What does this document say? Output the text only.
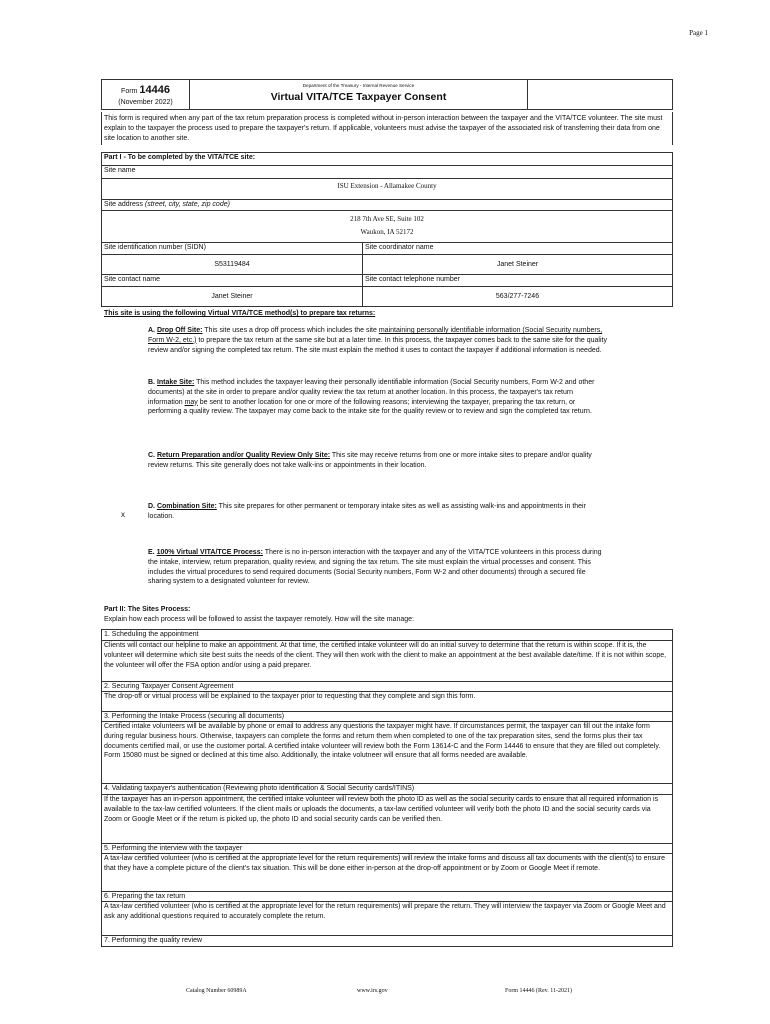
Page 1
Form 14446
(November 2022)
Department of the Treasury - Internal Revenue Service
Virtual VITA/TCE Taxpayer Consent
This form is required when any part of the tax return preparation process is completed without in-person interaction between the taxpayer and the VITA/TCE volunteer. The site must explain to the taxpayer the process used to prepare the taxpayer's return. If applicable, volunteers must advise the taxpayer of the associated risk of transferring their data from one site location to another site.
Part I - To be completed by the VITA/TCE site:
Site name
ISU Extension - Allamakee County
Site address (street, city, state, zip code)
218 7th Ave SE, Suite 102
Waukon, IA 52172
Site identification number (SIDN)	Site coordinator name
S53119484	Janet Steiner
Site contact name	Site contact telephone number
Janet Steiner	563/277-7246
This site is using the following Virtual VITA/TCE method(s) to prepare tax returns:
A. Drop Off Site: This site uses a drop off process which includes the site maintaining personally identifiable information (Social Security numbers, Form W-2, etc.) to prepare the tax return at the same site but at a later time. In this process, the taxpayer comes back to the same site for the quality review and/or signing the completed tax return. The site must explain the method it uses to contact the taxpayer if additional information is needed.
B. Intake Site: This method includes the taxpayer leaving their personally identifiable information (Social Security numbers, Form W-2 and other documents) at the site in order to prepare and/or quality review the tax return at another location. In this process, the taxpayer's tax return information may be sent to another location for one or more of the following reasons; interviewing the taxpayer, preparing the tax return, or performing a quality review. The taxpayer may come back to the intake site for the quality review or to review and sign the completed tax return.
C. Return Preparation and/or Quality Review Only Site: This site may receive returns from one or more intake sites to prepare and/or quality review returns. This site generally does not take walk-ins or appointments in their location.
x
D. Combination Site: This site prepares for other permanent or temporary intake sites as well as assisting walk-ins and appointments in their location.
E. 100% Virtual VITA/TCE Process: There is no in-person interaction with the taxpayer and any of the VITA/TCE volunteers in this process during the intake, interview, return preparation, quality review, and signing the tax return. The site must explain the virtual processes and consent. This includes the virtual procedures to send required documents (Social Security numbers, Form W-2 and other documents) through a secured file sharing system to a designated volunteer for review.
Part II: The Sites Process:
Explain how each process will be followed to assist the taxpayer remotely. How will the site manage:
1. Scheduling the appointment
Clients will contact our helpline to make an appointment. At that time, the certified intake volunteer will do an initial survey to determine that the return is within scope. If it is, the volunteer will determine which site best suits the needs of the client. They will then work with the client to make an appointment at the best available date/time. If it is not within scope, the volunteer will offer the FSA option and/or using a paid preparer.
2. Securing Taxpayer Consent Agreement
The drop-off or virtual process will be explained to the taxpayer prior to requesting that they complete and sign this form.
3. Performing the Intake Process (securing all documents)
Certified intake volunteers will be available by phone or email to address any questions the taxpayer might have. If circumstances permit, the taxpayer can fill out the intake form during regular business hours. Otherwise, taxpayers can complete the forms and return them when completed to one of the tax preparation sites, send the forms plus their tax documents certified mail, or use the customer portal. A certified intake volunteer will review both the Form 13614-C and the Form 14446 to ensure that they are filled out completely. Form 15080 must be signed or declined at this time also. Additionally, the intake volutneer will ensure that all forms needed are available.
4. Validating taxpayer's authentication (Reviewing photo identification & Social Security cards/ITINS)
If the taxpayer has an in-person appointment, the certified intake volunteer will review both the photo ID as well as the social security cards to ensure that all required information is available to the tax-law certified volunteers. If the client mails or uploads the documents, a tax-law certified volunteer will verify both the photo ID and the social security cards via Zoom or Google Meet or if the return is picked up, the photo ID and social security cards can be verified then.
5. Performing the interview with the taxpayer
A tax-law certified volunteer (who is certified at the appropriate level for the return requirements) will review the intake forms and discuss all tax documents with the client(s) to ensure that they have a complete picture of the client's tax situation. This will be done either in-person at the drop-off appointment or by Zoom or Google Meet if remote.
6. Preparing the tax return
A tax-law certified volunteer (who is certified at the appropriate level for the return requirements) will prepare the return. They will interview the taxpayer via Zoom or Google Meet and ask any additional questions required to accurately complete the return.
7. Performing the quality review
Catalog Number 60989A	www.irs.gov	Form 14446 (Rev. 11-2021)
